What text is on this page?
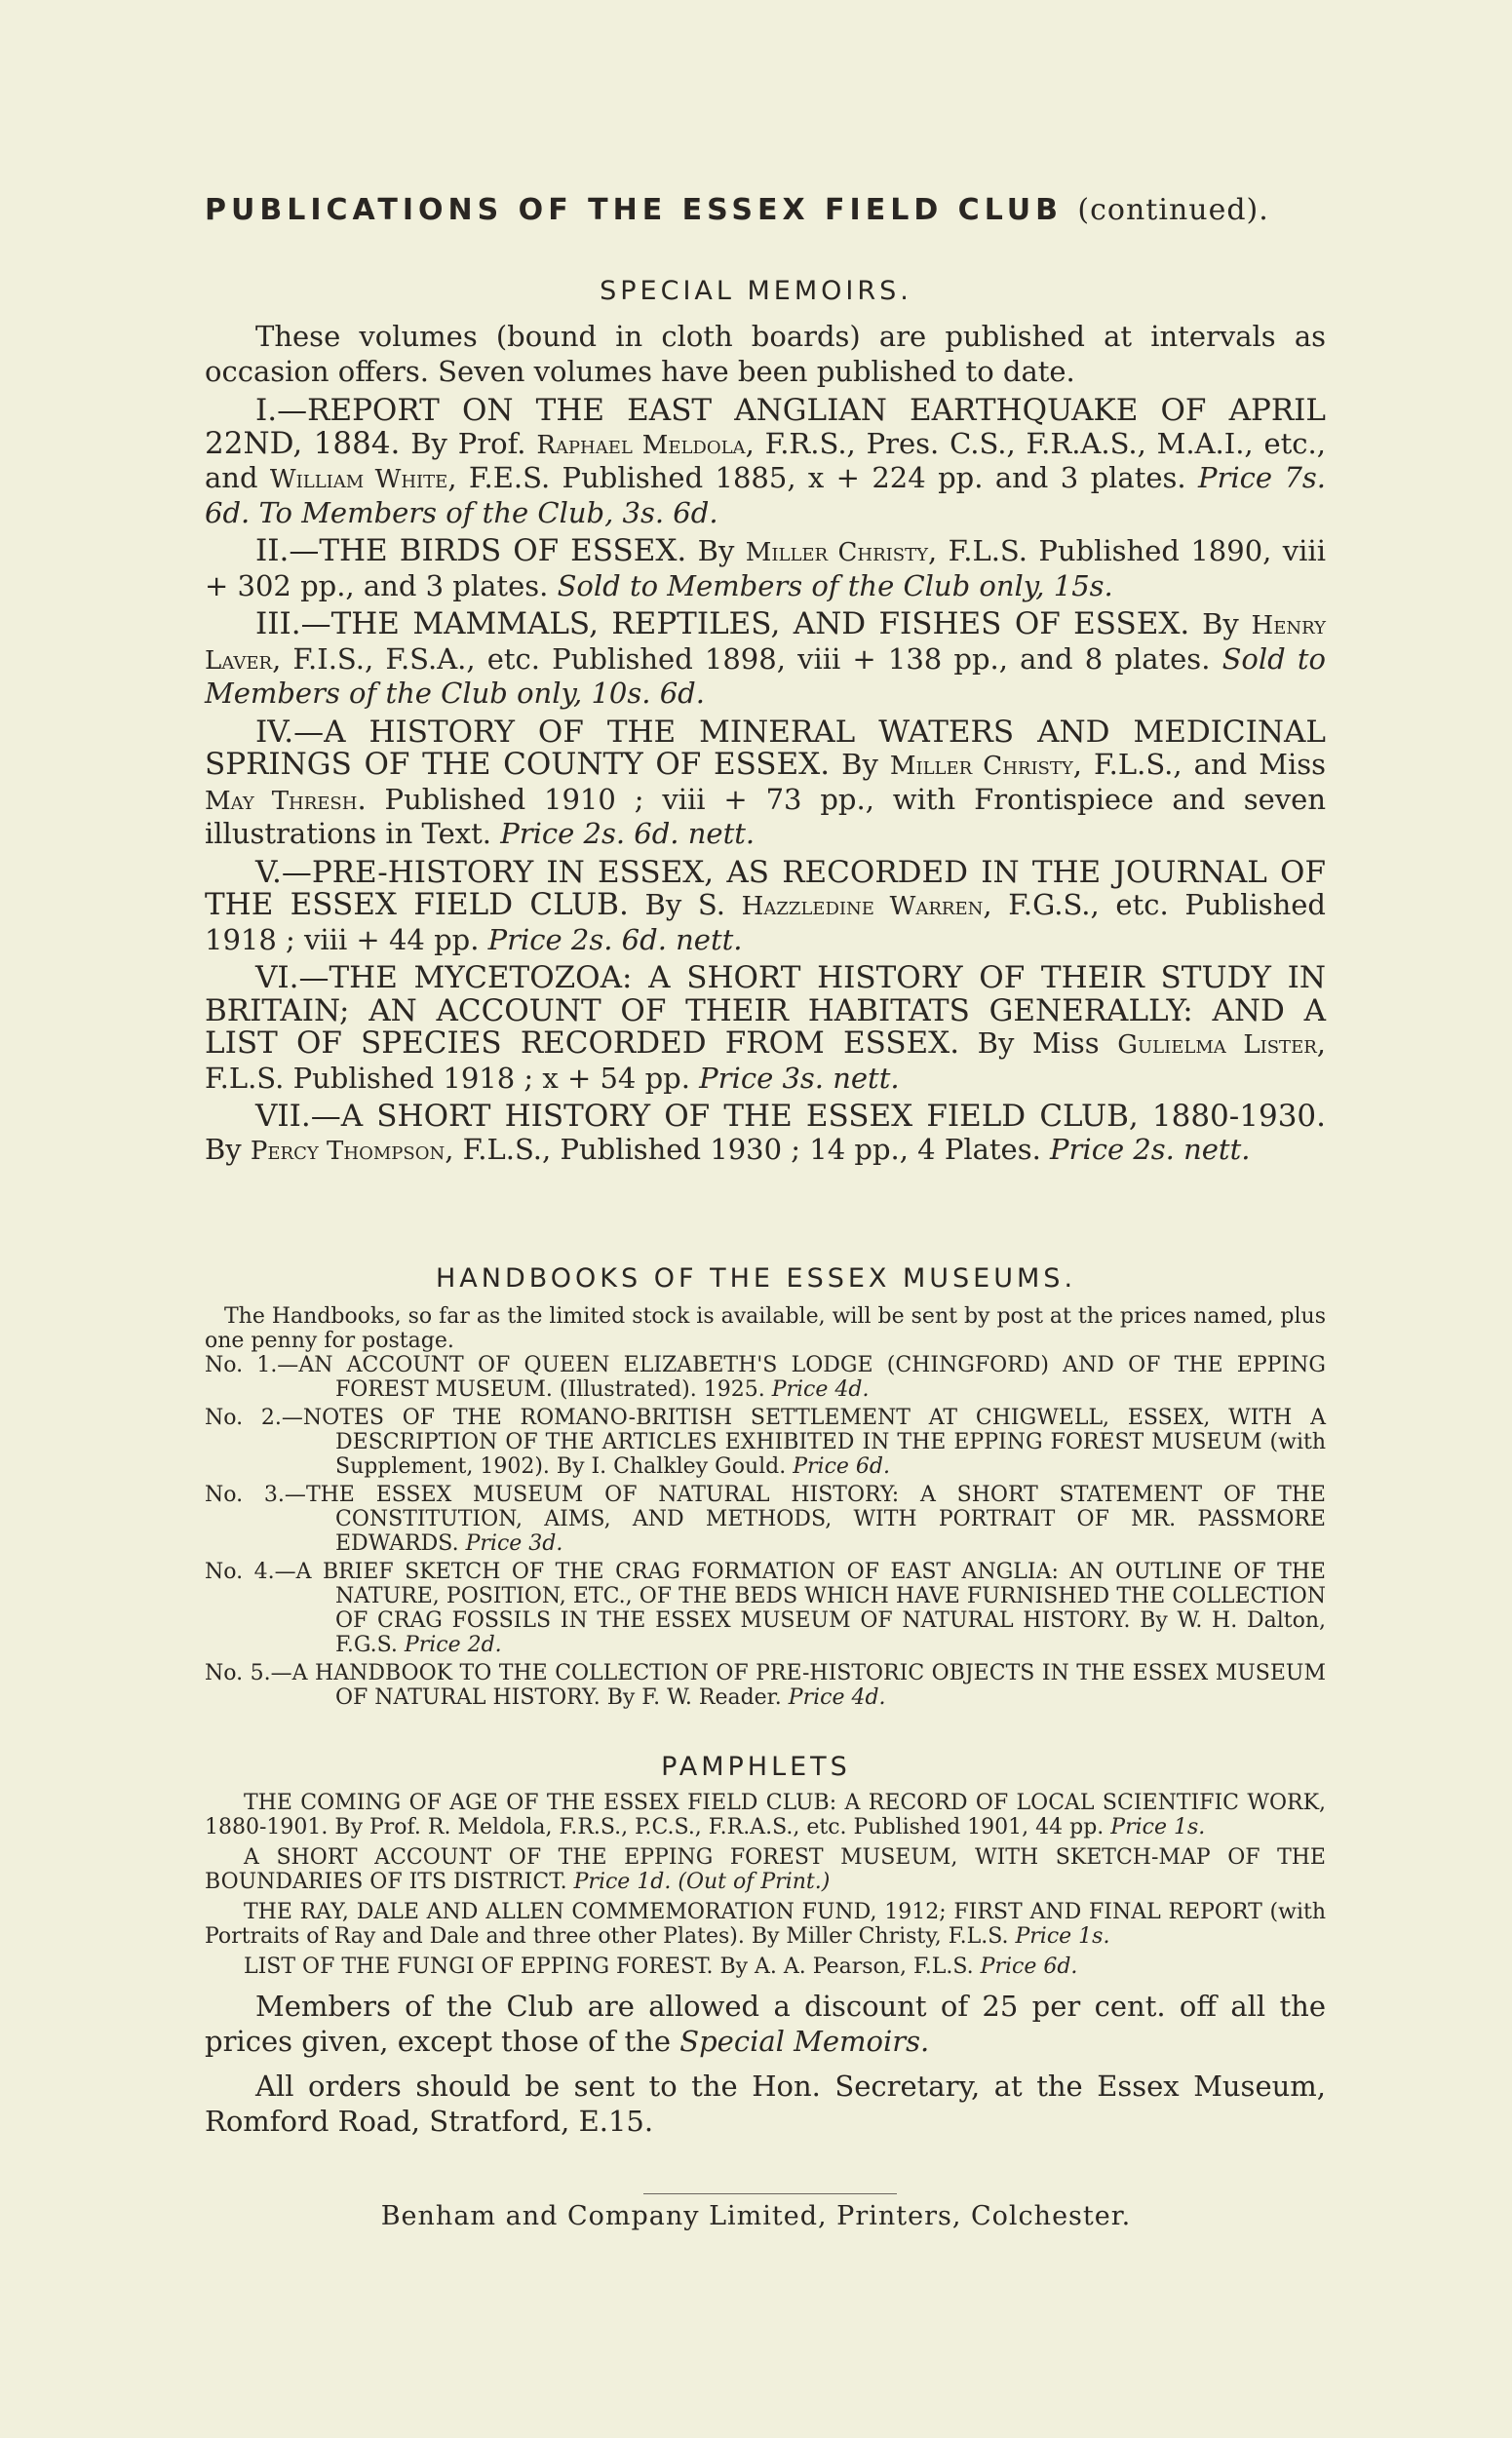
PUBLICATIONS OF THE ESSEX FIELD CLUB (continued).
SPECIAL MEMOIRS.

These volumes (bound in cloth boards) are published at intervals as occasion offers. Seven volumes have been published to date.

I.—REPORT ON THE EAST ANGLIAN EARTHQUAKE OF APRIL 22ND, 1884. By Prof. Raphael Meldola, F.R.S., Pres. C.S., F.R.A.S., M.A.I., etc., and William White, F.E.S. Published 1885, x + 224 pp. and 3 plates. Price 7s. 6d. To Members of the Club, 3s. 6d.

II.—THE BIRDS OF ESSEX. By Miller Christy, F.L.S. Published 1890, viii + 302 pp., and 3 plates. Sold to Members of the Club only, 15s.

III.—THE MAMMALS, REPTILES, AND FISHES OF ESSEX. By Henry Laver, F.I.S., F.S.A., etc. Published 1898, viii + 138 pp., and 8 plates. Sold to Members of the Club only, 10s. 6d.

IV.—A HISTORY OF THE MINERAL WATERS AND MEDICINAL SPRINGS OF THE COUNTY OF ESSEX. By Miller Christy, F.L.S., and Miss May Thresh. Published 1910 ; viii + 73 pp., with Frontispiece and seven illustrations in Text. Price 2s. 6d. nett.

V.—PRE-HISTORY IN ESSEX, AS RECORDED IN THE JOURNAL OF THE ESSEX FIELD CLUB. By S. Hazzledine Warren, F.G.S., etc. Published 1918 ; viii + 44 pp. Price 2s. 6d. nett.

VI.—THE MYCETOZOA: A SHORT HISTORY OF THEIR STUDY IN BRITAIN; AN ACCOUNT OF THEIR HABITATS GENERALLY: AND A LIST OF SPECIES RECORDED FROM ESSEX. By Miss Gulielma Lister, F.L.S. Published 1918 ; x + 54 pp. Price 3s. nett.

VII.—A SHORT HISTORY OF THE ESSEX FIELD CLUB, 1880-1930. By Percy Thompson, F.L.S., Published 1930 ; 14 pp., 4 Plates. Price 2s. nett.

HANDBOOKS OF THE ESSEX MUSEUMS.

The Handbooks, so far as the limited stock is available, will be sent by post at the prices named, plus one penny for postage.

No. 1.—AN ACCOUNT OF QUEEN ELIZABETH'S LODGE (CHINGFORD) AND OF THE EPPING FOREST MUSEUM. (Illustrated). 1925. Price 4d.
No. 2.—NOTES OF THE ROMANO-BRITISH SETTLEMENT AT CHIGWELL, ESSEX, WITH A DESCRIPTION OF THE ARTICLES EXHIBITED IN THE EPPING FOREST MUSEUM (with Supplement, 1902). By I. Chalkley Gould. Price 6d.
No. 3.—THE ESSEX MUSEUM OF NATURAL HISTORY: A SHORT STATEMENT OF THE CONSTITUTION, AIMS, AND METHODS, WITH PORTRAIT OF MR. PASSMORE EDWARDS. Price 3d.
No. 4.—A BRIEF SKETCH OF THE CRAG FORMATION OF EAST ANGLIA: AN OUTLINE OF THE NATURE, POSITION, ETC., OF THE BEDS WHICH HAVE FURNISHED THE COLLECTION OF CRAG FOSSILS IN THE ESSEX MUSEUM OF NATURAL HISTORY. By W. H. Dalton, F.G.S. Price 2d.
No. 5.—A HANDBOOK TO THE COLLECTION OF PRE-HISTORIC OBJECTS IN THE ESSEX MUSEUM OF NATURAL HISTORY. By F. W. Reader. Price 4d.
PAMPHLETS

THE COMING OF AGE OF THE ESSEX FIELD CLUB: A RECORD OF LOCAL SCIENTIFIC WORK, 1880-1901. By Prof. R. Meldola, F.R.S., P.C.S., F.R.A.S., etc. Published 1901, 44 pp. Price 1s.

A SHORT ACCOUNT OF THE EPPING FOREST MUSEUM, WITH SKETCH-MAP OF THE BOUNDARIES OF ITS DISTRICT. Price 1d. (Out of Print.)

THE RAY, DALE AND ALLEN COMMEMORATION FUND, 1912; FIRST AND FINAL REPORT (with Portraits of Ray and Dale and three other Plates). By Miller Christy, F.L.S. Price 1s.

LIST OF THE FUNGI OF EPPING FOREST. By A. A. Pearson, F.L.S. Price 6d.

Members of the Club are allowed a discount of 25 per cent. off all the prices given, except those of the Special Memoirs.

All orders should be sent to the Hon. Secretary, at the Essex Museum, Romford Road, Stratford, E.15.

Benham and Company Limited, Printers, Colchester.
